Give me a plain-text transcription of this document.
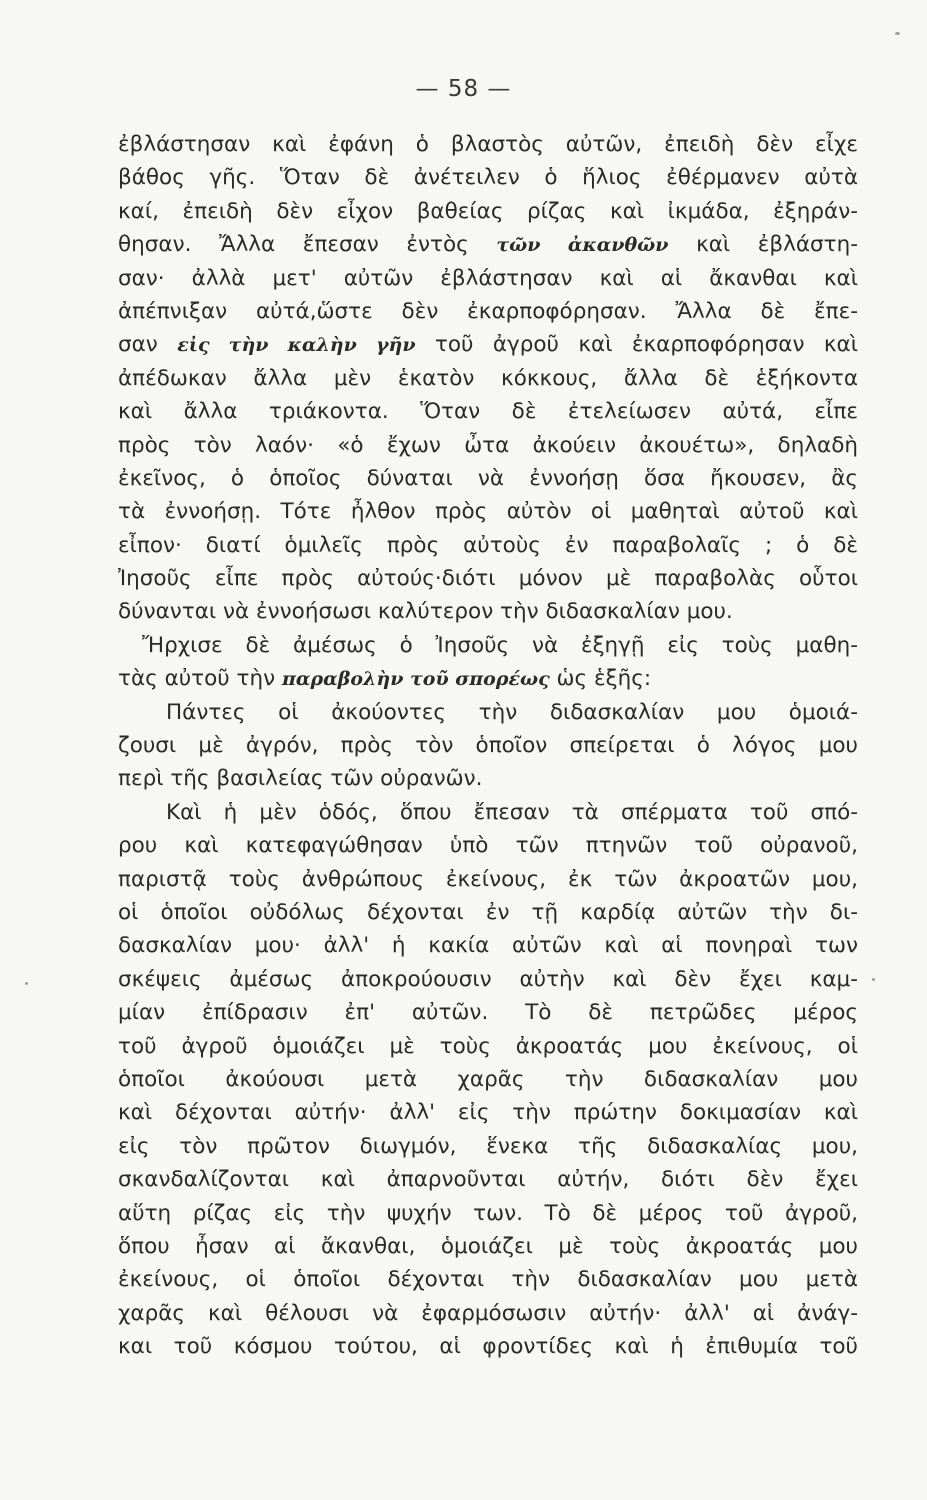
— 58 —
ἐβλάστησαν καὶ ἐφάνη ὁ βλαστὸς αὐτῶν, ἐπειδὴ δὲν εἶχε
βάθος γῆς. Ὅταν δὲ ἀνέτειλεν ὁ ἥλιος ἐθέρμανεν αὐτὰ
καί, ἐπειδὴ δὲν εἶχον βαθείας ρίζας καὶ ἰκμάδα, ἐξηράν-
θησαν. Ἄλλα ἔπεσαν ἐντὸς τῶν ἀκανθῶν καὶ ἐβλάστη-
σαν· ἀλλὰ μετ' αὐτῶν ἐβλάστησαν καὶ αἱ ἄκανθαι καὶ
ἀπέπνιξαν αὐτά,ὥστε δὲν ἐκαρποφόρησαν. Ἄλλα δὲ ἔπε-
σαν εἰς τὴν καλὴν γῆν τοῦ ἀγροῦ καὶ ἐκαρποφόρησαν καὶ
ἀπέδωκαν ἄλλα μὲν ἑκατὸν κόκκους, ἄλλα δὲ ἑξήκοντα
καὶ ἄλλα τριάκοντα. Ὅταν δὲ ἐτελείωσεν αὐτά, εἶπε
πρὸς τὸν λαόν· «ὁ ἔχων ὦτα ἀκούειν ἀκουέτω», δηλαδὴ
ἐκεῖνος, ὁ ὁποῖος δύναται νὰ ἐννοήσῃ ὅσα ἤκουσεν, ἂς
τὰ ἐννοήσῃ. Τότε ἦλθον πρὸς αὐτὸν οἱ μαθηταὶ αὐτοῦ καὶ
εἶπον· διατί ὁμιλεῖς πρὸς αὐτοὺς ἐν παραβολαῖς ; ὁ δὲ
Ἰησοῦς εἶπε πρὸς αὐτούς·διότι μόνον μὲ παραβολὰς οὗτοι
δύνανται νὰ ἐννοήσωσι καλύτερον τὴν διδασκαλίαν μου.
Ἤρχισε δὲ ἀμέσως ὁ Ἰησοῦς νὰ ἐξηγῇ εἰς τοὺς μαθη-
τὰς αὐτοῦ τὴν παραβολὴν τοῦ σπορέως ὡς ἑξῆς:
Πάντες οἱ ἀκούοντες τὴν διδασκαλίαν μου ὁμοιά-
ζουσι μὲ ἀγρόν, πρὸς τὸν ὁποῖον σπείρεται ὁ λόγος μου
περὶ τῆς βασιλείας τῶν οὐρανῶν.
Καὶ ἡ μὲν ὁδός, ὅπου ἔπεσαν τὰ σπέρματα τοῦ σπό-
ρου καὶ κατεφαγώθησαν ὑπὸ τῶν πτηνῶν τοῦ οὐρανοῦ,
παριστᾷ τοὺς ἀνθρώπους ἐκείνους, ἐκ τῶν ἀκροατῶν μου,
οἱ ὁποῖοι οὐδόλως δέχονται ἐν τῇ καρδίᾳ αὐτῶν τὴν δι-
δασκαλίαν μου· ἀλλ' ἡ κακία αὐτῶν καὶ αἱ πονηραὶ των
σκέψεις ἀμέσως ἀποκρούουσιν αὐτὴν καὶ δὲν ἔχει καμ-
μίαν ἐπίδρασιν ἐπ' αὐτῶν. Τὸ δὲ πετρῶδες μέρος
τοῦ ἀγροῦ ὁμοιάζει μὲ τοὺς ἀκροατάς μου ἐκείνους, οἱ
ὁποῖοι ἀκούουσι μετὰ χαρᾶς τὴν διδασκαλίαν μου
καὶ δέχονται αὐτήν· ἀλλ' εἰς τὴν πρώτην δοκιμασίαν καὶ
εἰς τὸν πρῶτον διωγμόν, ἕνεκα τῆς διδασκαλίας μου,
σκανδαλίζονται καὶ ἀπαρνοῦνται αὐτήν, διότι δὲν ἔχει
αὕτη ρίζας εἰς τὴν ψυχήν των. Τὸ δὲ μέρος τοῦ ἀγροῦ,
ὅπου ἦσαν αἱ ἄκανθαι, ὁμοιάζει μὲ τοὺς ἀκροατάς μου
ἐκείνους, οἱ ὁποῖοι δέχονται τὴν διδασκαλίαν μου μετὰ
χαρᾶς καὶ θέλουσι νὰ ἐφαρμόσωσιν αὐτήν· ἀλλ' αἱ ἀνάγ-
και τοῦ κόσμου τούτου, αἱ φροντίδες καὶ ἡ ἐπιθυμία τοῦ
